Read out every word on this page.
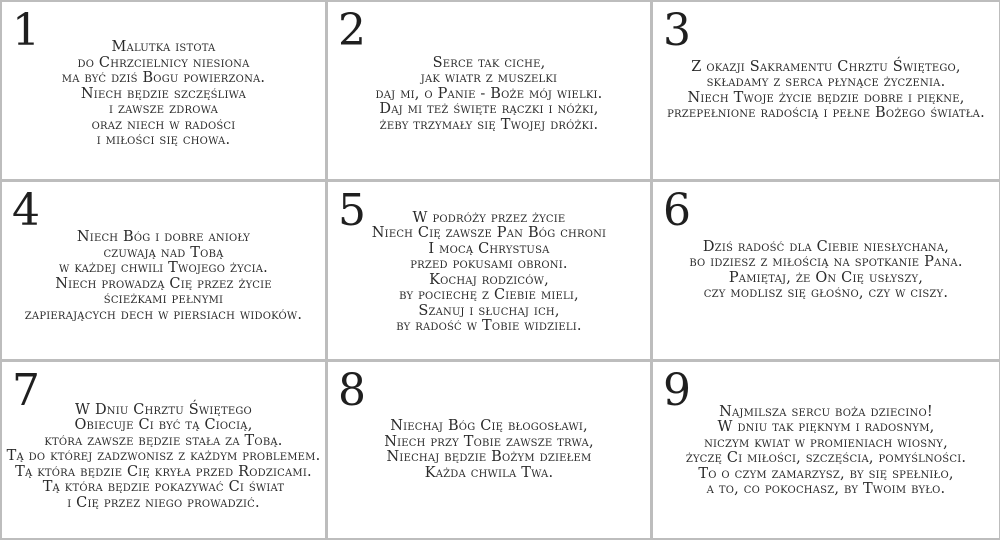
1	Malutka istota
do Chrzcielnicy niesiona
ma być dziś Bogu powierzona.
Niech będzie szczęśliwa
i zawsze zdrowa
oraz niech w radości
i miłości się chowa.
2
Serce tak ciche,
jak wiatr z muszelki
daj mi, o Panie - Boże mój wielki.
Daj mi też święte rączki i nóżki,
żeby trzymały się Twojej dróżki.
3
Z okazji Sakramentu Chrztu Świętego,
składamy z serca płynące życzenia.
Niech Twoje życie będzie dobre i piękne,
przepełnione radością i pełne Bożego światła.
4
Niech Bóg i dobre anioły
czuwają nad Tobą
w każdej chwili Twojego życia.
Niech prowadzą Cię przez życie
ścieżkami pełnymi
zapierających dech w piersiach widoków.
5	W podróży przez życie
Niech Cię zawsze Pan Bóg chroni
I mocą Chrystusa
przed pokusami obroni.
Kochaj rodziców,
by pociechę z Ciebie mieli,
Szanuj i słuchaj ich,
by radość w Tobie widzieli.
6
Dziś radość dla Ciebie niesłychana,
bo idziesz z miłością na spotkanie Pana.
Pamiętaj, że On Cię usłyszy,
czy modlisz się głośno, czy w ciszy.
7	W Dniu Chrztu Świętego
Obiecuje Ci być tą Ciocią,
która zawsze będzie stała za Tobą.
Tą do której zadzwonisz z każdym problemem.
Tą która będzie Cię kryła przed Rodzicami.
Tą która będzie pokazywać Ci świat
i Cię przez niego prowadzić.
8
Niechaj Bóg Cię błogosławi,
Niech przy Tobie zawsze trwa,
Niechaj będzie Bożym dziełem
Każda chwila Twa.
9	Najmilsza sercu boża dziecino!
W dniu tak pięknym i radosnym,
niczym kwiat w promieniach wiosny,
życzę Ci miłości, szczęścia, pomyślności.
To o czym zamarzysz, by się spełniło,
a to, co pokochasz, by Twoim było.
